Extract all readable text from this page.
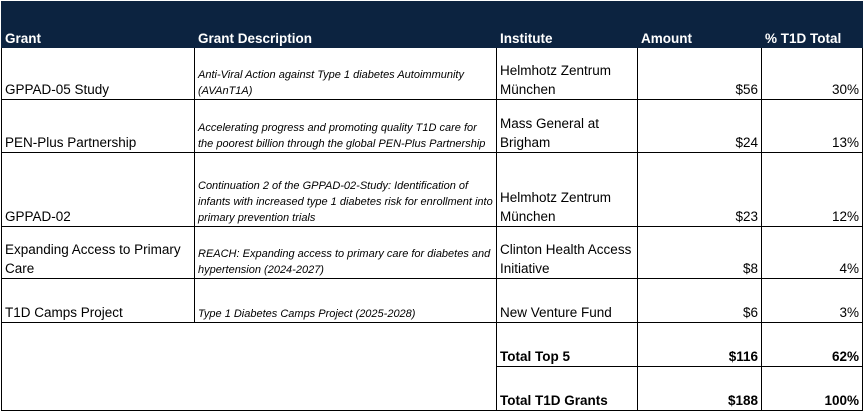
Grant	Grant Description	Institute	Amount	% T1D Total
GPPAD-05 Study	Anti-Viral Action against Type 1 diabetes Autoimmunity (AVAnT1A)	Helmhotz Zentrum München	$56	30%
PEN-Plus Partnership	Accelerating progress and promoting quality T1D care for the poorest billion through the global PEN-Plus Partnership	Mass General at Brigham	$24	13%
GPPAD-02	Continuation 2 of the GPPAD-02-Study: Identification of infants with increased type 1 diabetes risk for enrollment into primary prevention trials	Helmhotz Zentrum München	$23	12%
Expanding Access to Primary Care	REACH: Expanding access to primary care for diabetes and hypertension (2024-2027)	Clinton Health Access Initiative	$8	4%
T1D Camps Project	Type 1 Diabetes Camps Project (2025-2028)	New Venture Fund	$6	3%
		Total Top 5	$116	62%
		Total T1D Grants	$188	100%
